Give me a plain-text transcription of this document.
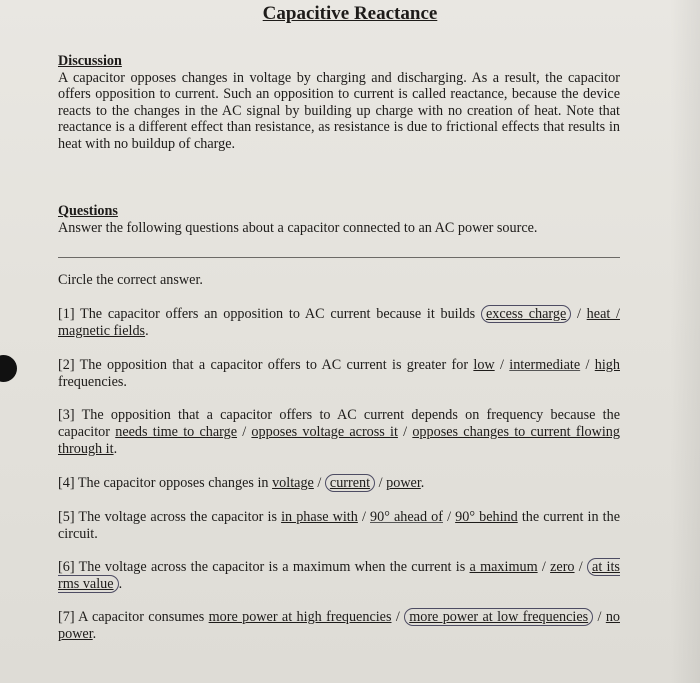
Capacitive Reactance
Discussion
A capacitor opposes changes in voltage by charging and discharging. As a result, the capacitor offers opposition to current. Such an opposition to current is called reactance, because the device reacts to the changes in the AC signal by building up charge with no creation of heat. Note that reactance is a different effect than resistance, as resistance is due to frictional effects that results in heat with no buildup of charge.
Questions
Answer the following questions about a capacitor connected to an AC power source.
Circle the correct answer.
[1] The capacitor offers an opposition to AC current because it builds excess charge / heat / magnetic fields.
[2] The opposition that a capacitor offers to AC current is greater for low / intermediate / high frequencies.
[3] The opposition that a capacitor offers to AC current depends on frequency because the capacitor needs time to charge / opposes voltage across it / opposes changes to current flowing through it.
[4] The capacitor opposes changes in voltage / current / power.
[5] The voltage across the capacitor is in phase with / 90° ahead of / 90° behind the current in the circuit.
[6] The voltage across the capacitor is a maximum when the current is a maximum / zero / at its rms value .
[7] A capacitor consumes more power at high frequencies / more power at low frequencies / no power.
